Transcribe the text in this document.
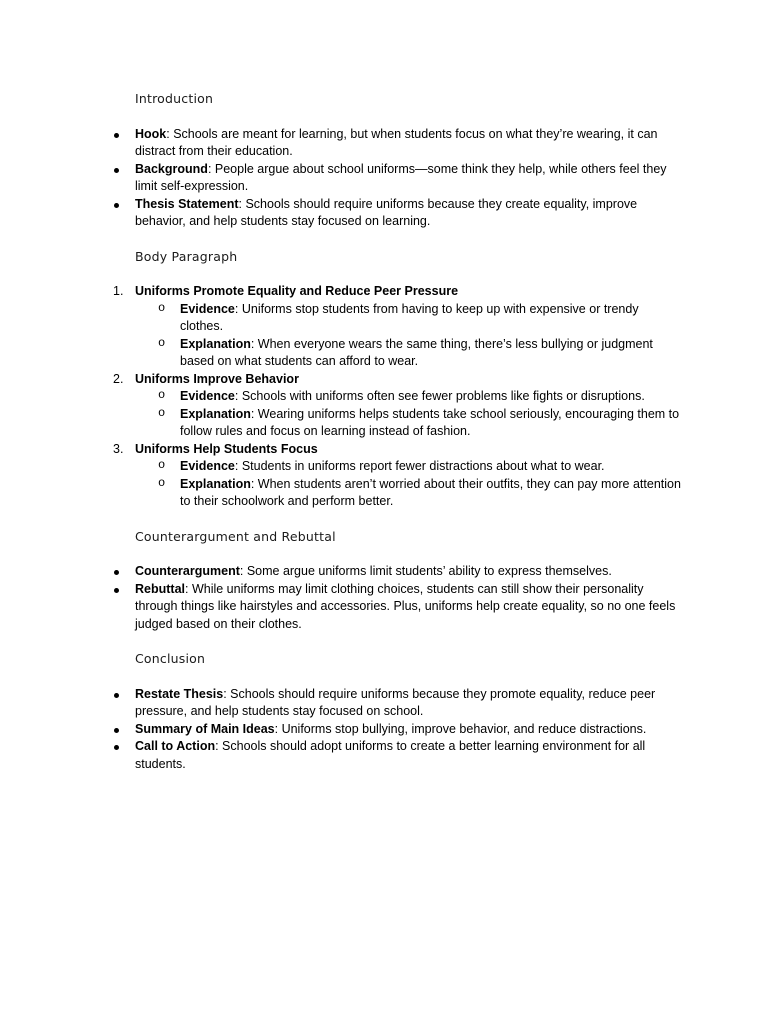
Introduction
Hook: Schools are meant for learning, but when students focus on what they’re wearing, it can distract from their education.
Background: People argue about school uniforms—some think they help, while others feel they limit self-expression.
Thesis Statement: Schools should require uniforms because they create equality, improve behavior, and help students stay focused on learning.
Body Paragraph
1. Uniforms Promote Equality and Reduce Peer Pressure
o Evidence: Uniforms stop students from having to keep up with expensive or trendy clothes.
o Explanation: When everyone wears the same thing, there’s less bullying or judgment based on what students can afford to wear.
2. Uniforms Improve Behavior
o Evidence: Schools with uniforms often see fewer problems like fights or disruptions.
o Explanation: Wearing uniforms helps students take school seriously, encouraging them to follow rules and focus on learning instead of fashion.
3. Uniforms Help Students Focus
o Evidence: Students in uniforms report fewer distractions about what to wear.
o Explanation: When students aren’t worried about their outfits, they can pay more attention to their schoolwork and perform better.
Counterargument and Rebuttal
Counterargument: Some argue uniforms limit students’ ability to express themselves.
Rebuttal: While uniforms may limit clothing choices, students can still show their personality through things like hairstyles and accessories. Plus, uniforms help create equality, so no one feels judged based on their clothes.
Conclusion
Restate Thesis: Schools should require uniforms because they promote equality, reduce peer pressure, and help students stay focused on school.
Summary of Main Ideas: Uniforms stop bullying, improve behavior, and reduce distractions.
Call to Action: Schools should adopt uniforms to create a better learning environment for all students.
